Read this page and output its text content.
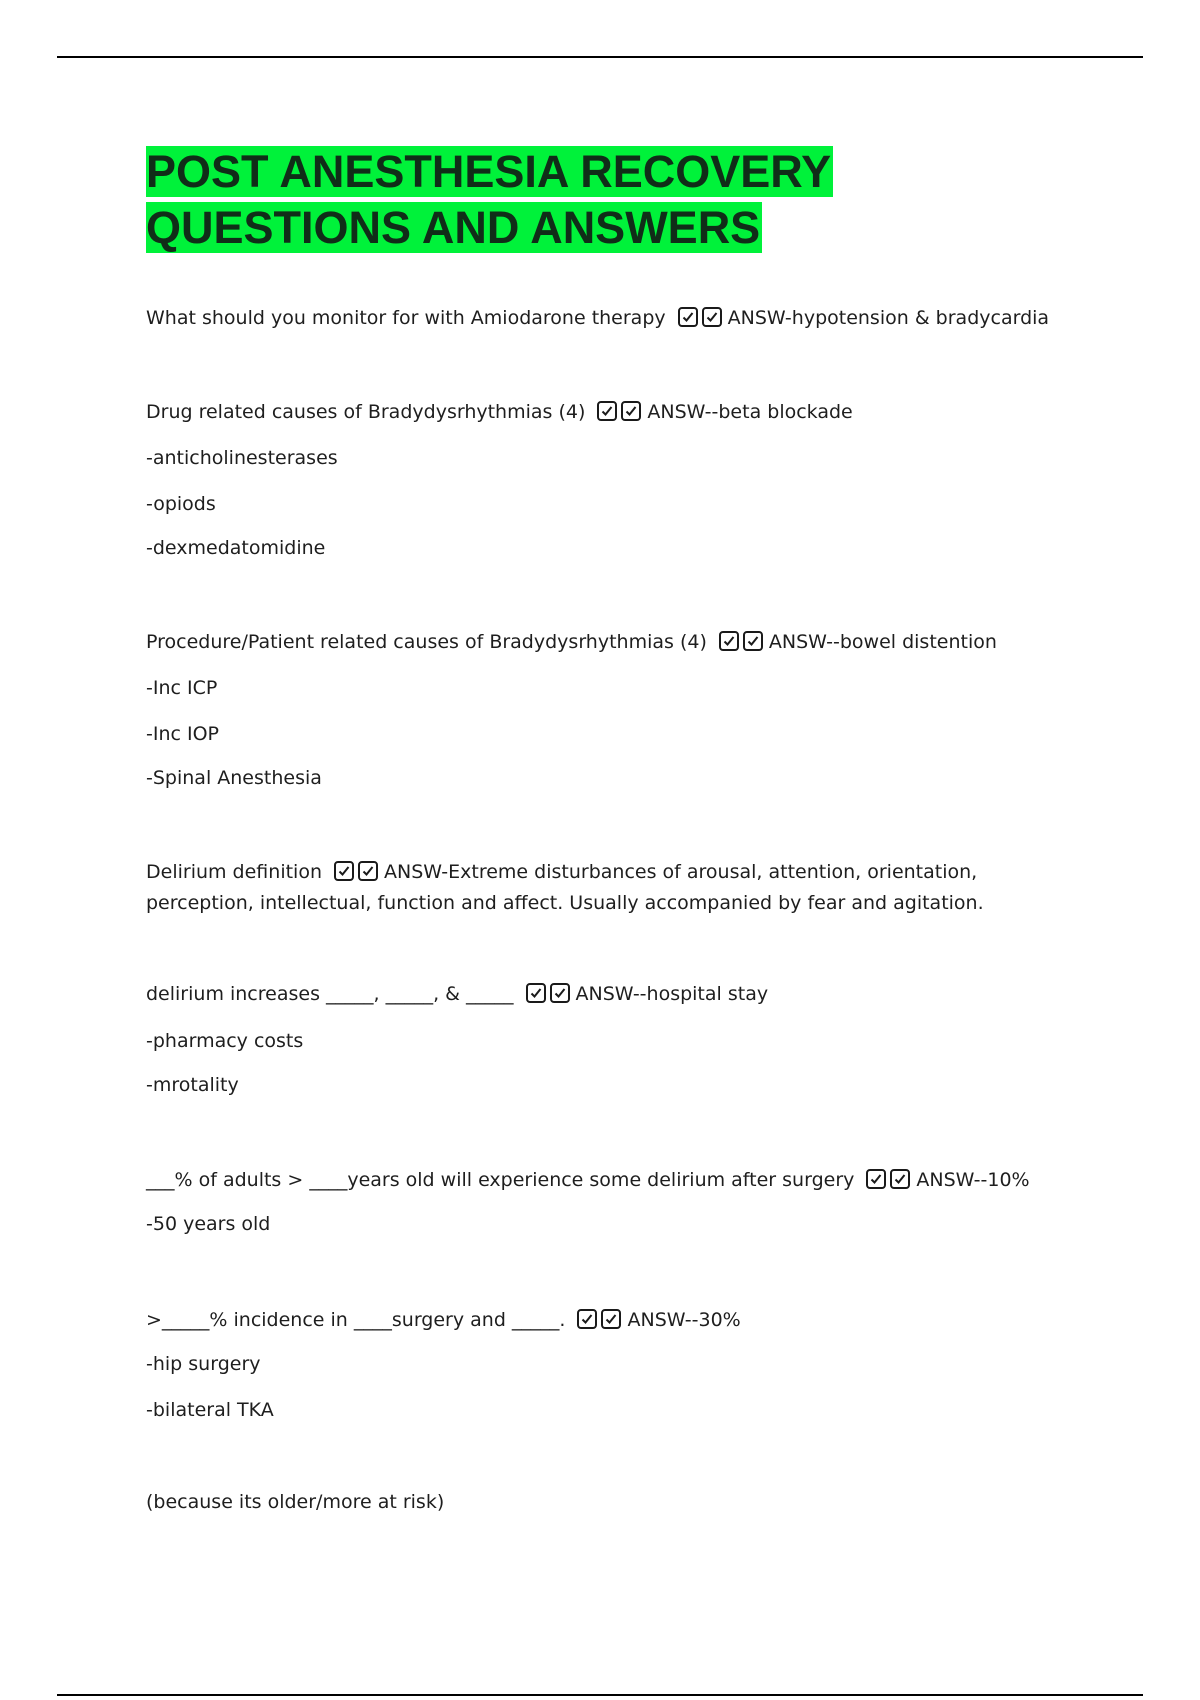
POST ANESTHESIA RECOVERY
QUESTIONS AND ANSWERS
What should you monitor for with Amiodarone therapy	ANSW-hypotension & bradycardia
Drug related causes of Bradydysrhythmias (4)	ANSW--beta blockade
-anticholinesterases
-opiods
-dexmedatomidine
Procedure/Patient related causes of Bradydysrhythmias (4)	ANSW--bowel distention
-Inc ICP
-Inc IOP
-Spinal Anesthesia
Delirium definition	ANSW-Extreme disturbances of arousal, attention, orientation, perception, intellectual, function and affect. Usually accompanied by fear and agitation.
delirium increases _____, _____, & _____	ANSW--hospital stay
-pharmacy costs
-mrotality
___% of adults > ____years old will experience some delirium after surgery	ANSW--10%
-50 years old
>_____% incidence in ____surgery and _____.	ANSW--30%
-hip surgery
-bilateral TKA
(because its older/more at risk)
